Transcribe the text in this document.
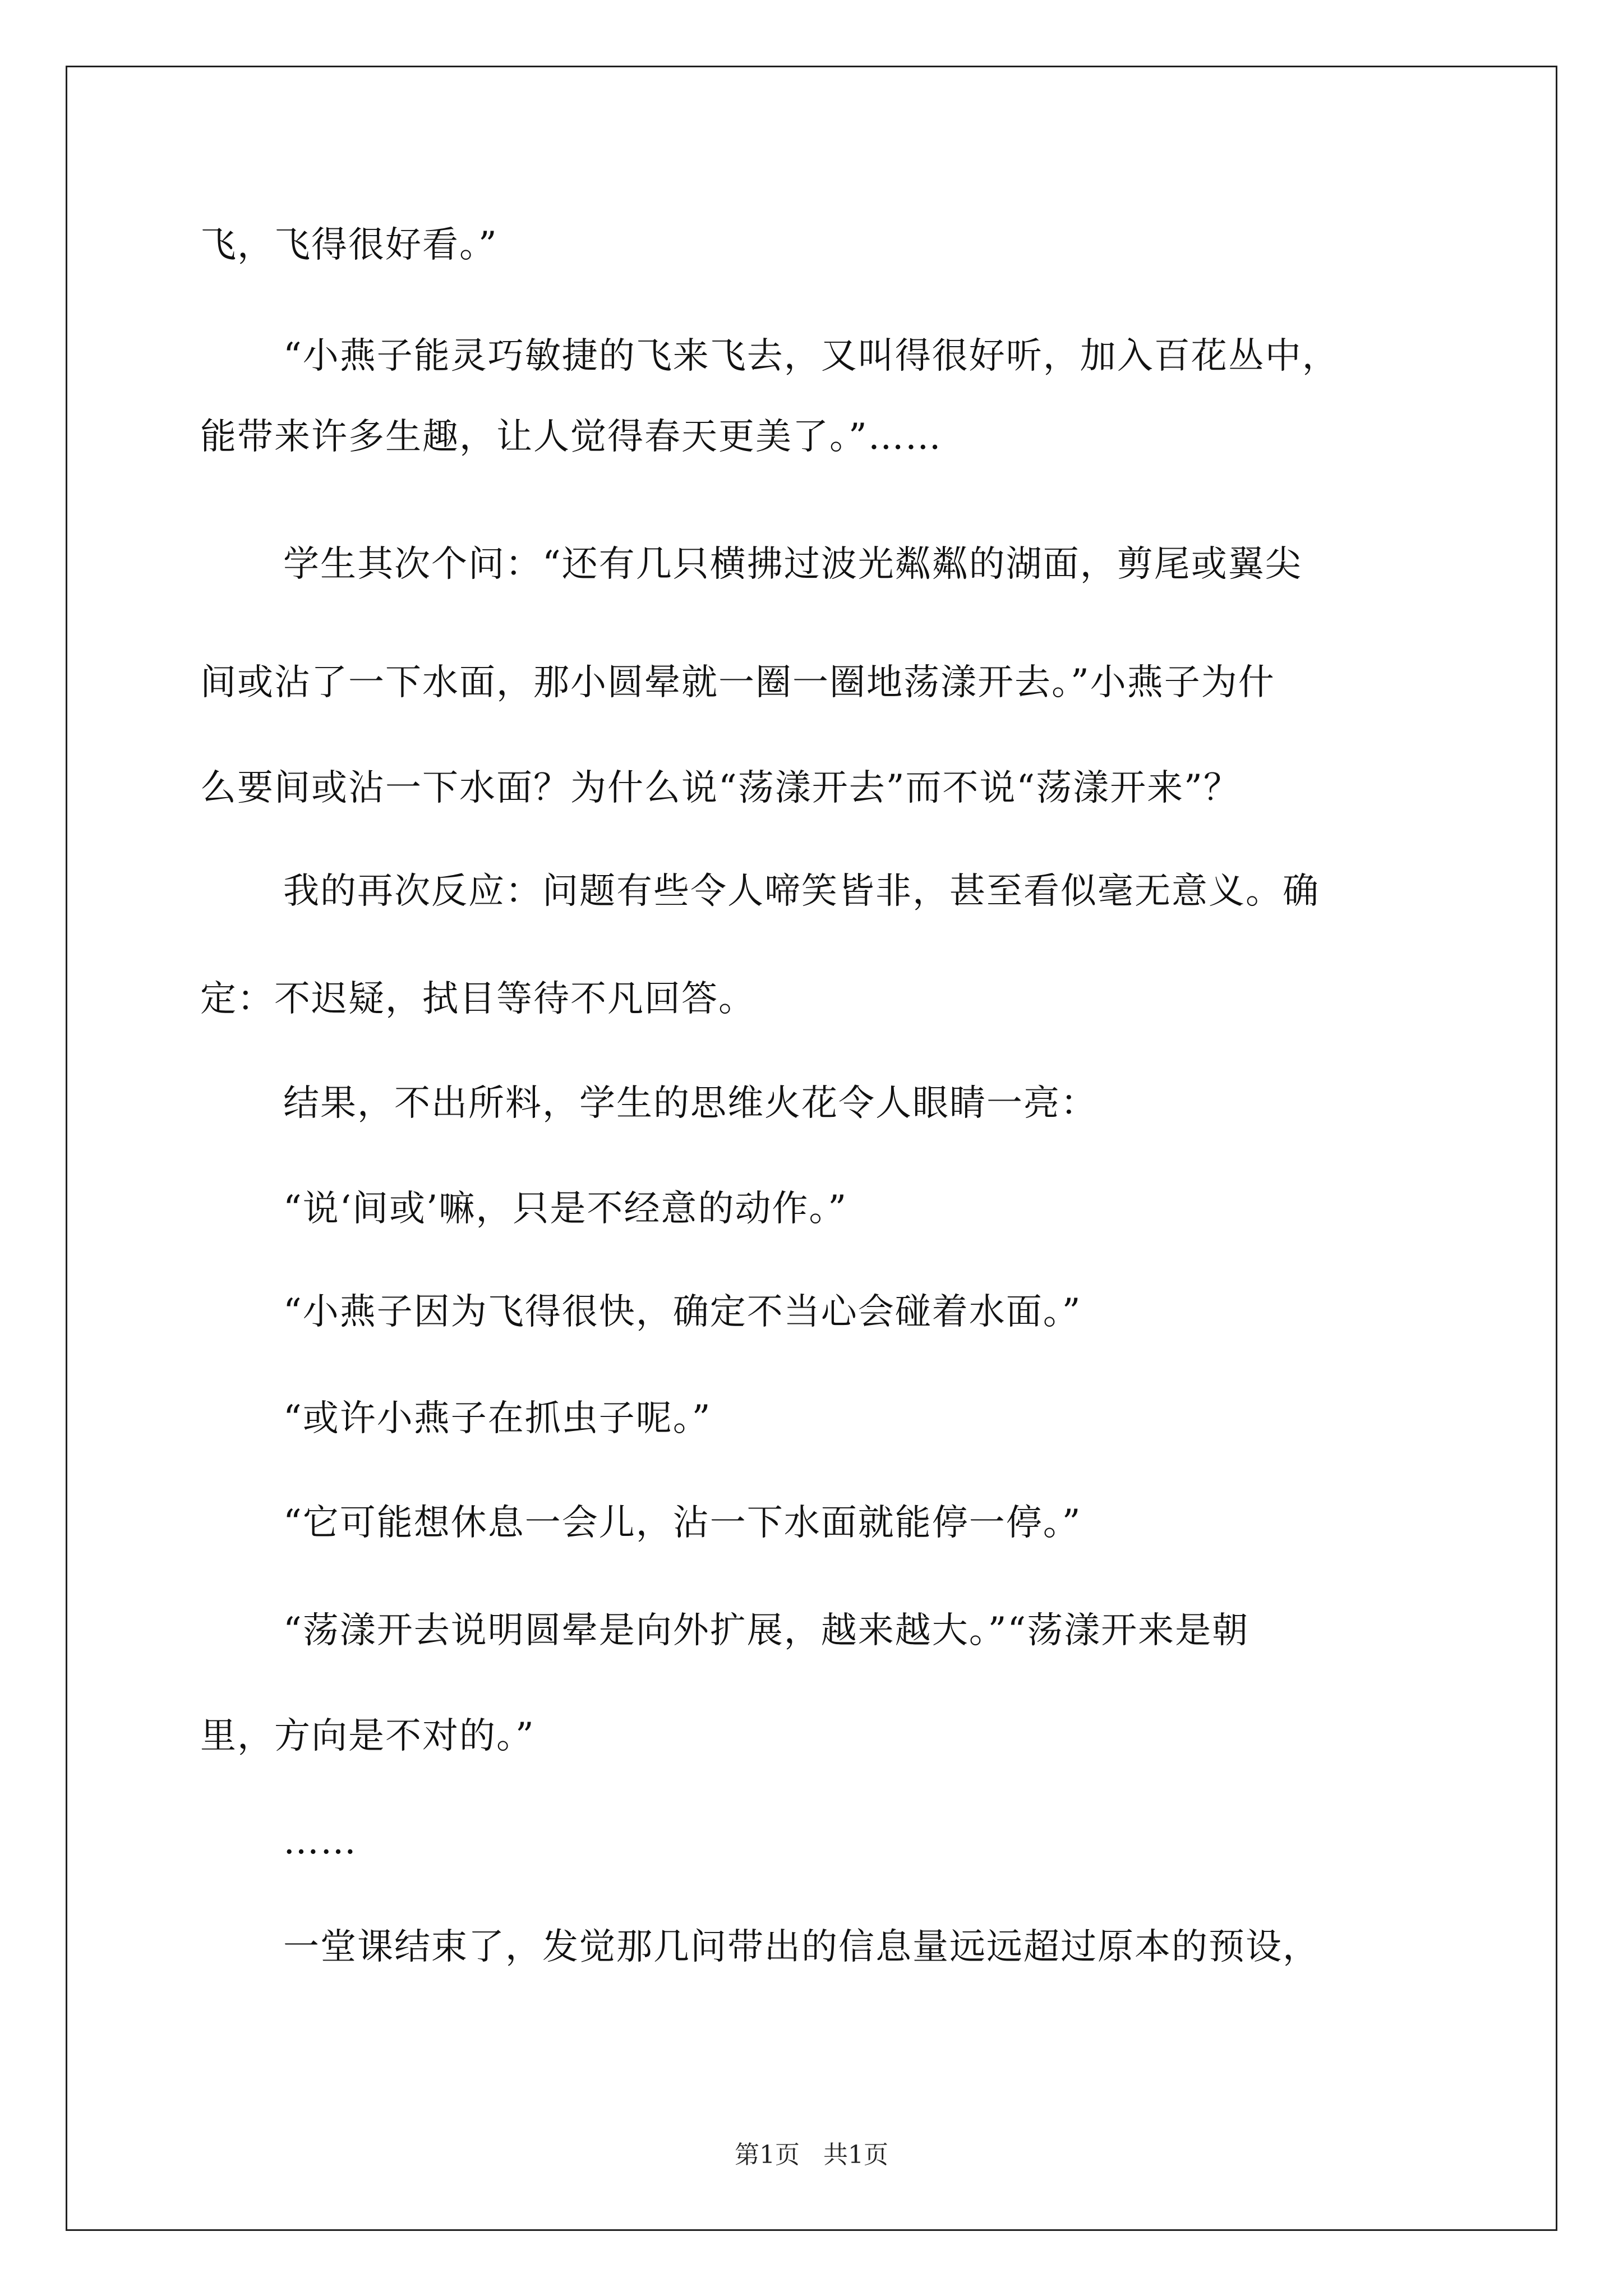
飞，飞得很好看。”
“小燕子能灵巧敏捷的飞来飞去，又叫得很好听，加入百花丛中，
能带来许多生趣，让人觉得春天更美了。”……
学生其次个问：“还有几只横拂过波光粼粼的湖面，剪尾或翼尖
间或沾了一下水面，那小圆晕就一圈一圈地荡漾开去。”小燕子为什
么要间或沾一下水面？为什么说“荡漾开去”而不说“荡漾开来”？
我的再次反应：问题有些令人啼笑皆非，甚至看似毫无意义。确
定：不迟疑，拭目等待不凡回答。
结果，不出所料，学生的思维火花令人眼睛一亮：
“说‘间或’嘛，只是不经意的动作。”
“小燕子因为飞得很快，确定不当心会碰着水面。”
“或许小燕子在抓虫子呢。”
“它可能想休息一会儿，沾一下水面就能停一停。”
“荡漾开去说明圆晕是向外扩展，越来越大。”“荡漾开来是朝
里，方向是不对的。”
……
一堂课结束了，发觉那几问带出的信息量远远超过原本的预设，
第1页 共1页
